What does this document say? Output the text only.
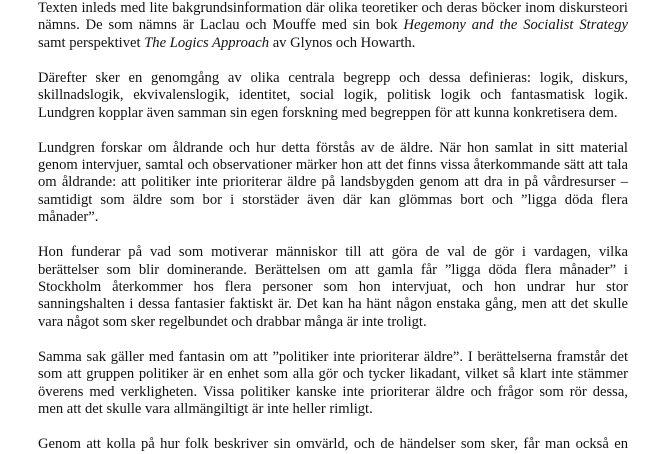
Texten inleds med lite bakgrundsinformation där olika teoretiker och deras böcker inom diskursteori
nämns. De som nämns är Laclau och Mouffe med sin bok Hegemony and the Socialist Strategy
samt perspektivet The Logics Approach av Glynos och Howarth.

Därefter sker en genomgång av olika centrala begrepp och dessa definieras: logik, diskurs,
skillnadslogik, ekvivalenslogik, identitet, social logik, politisk logik och fantasmatisk logik.
Lundgren kopplar även samman sin egen forskning med begreppen för att kunna konkretisera dem.

Lundgren forskar om åldrande och hur detta förstås av de äldre. När hon samlat in sitt material
genom intervjuer, samtal och observationer märker hon att det finns vissa återkommande sätt att tala
om åldrande: att politiker inte prioriterar äldre på landsbygden genom att dra in på vårdresurser –
samtidigt som äldre som bor i storstäder även där kan glömmas bort och ”ligga döda flera
månader”.

Hon funderar på vad som motiverar människor till att göra de val de gör i vardagen, vilka
berättelser som blir dominerande. Berättelsen om att gamla får ”ligga döda flera månader” i
Stockholm återkommer hos flera personer som hon intervjuat, och hon undrar hur stor
sanningshalten i dessa fantasier faktiskt är. Det kan ha hänt någon enstaka gång, men att det skulle
vara något som sker regelbundet och drabbar många är inte troligt.

Samma sak gäller med fantasin om att ”politiker inte prioriterar äldre”. I berättelserna framstår det
som att gruppen politiker är en enhet som alla gör och tycker likadant, vilket så klart inte stämmer
överens med verkligheten. Vissa politiker kanske inte prioriterar äldre och frågor som rör dessa,
men att det skulle vara allmängiltigt är inte heller rimligt.

Genom att kolla på hur folk beskriver sin omvärld, och de händelser som sker, får man också en
